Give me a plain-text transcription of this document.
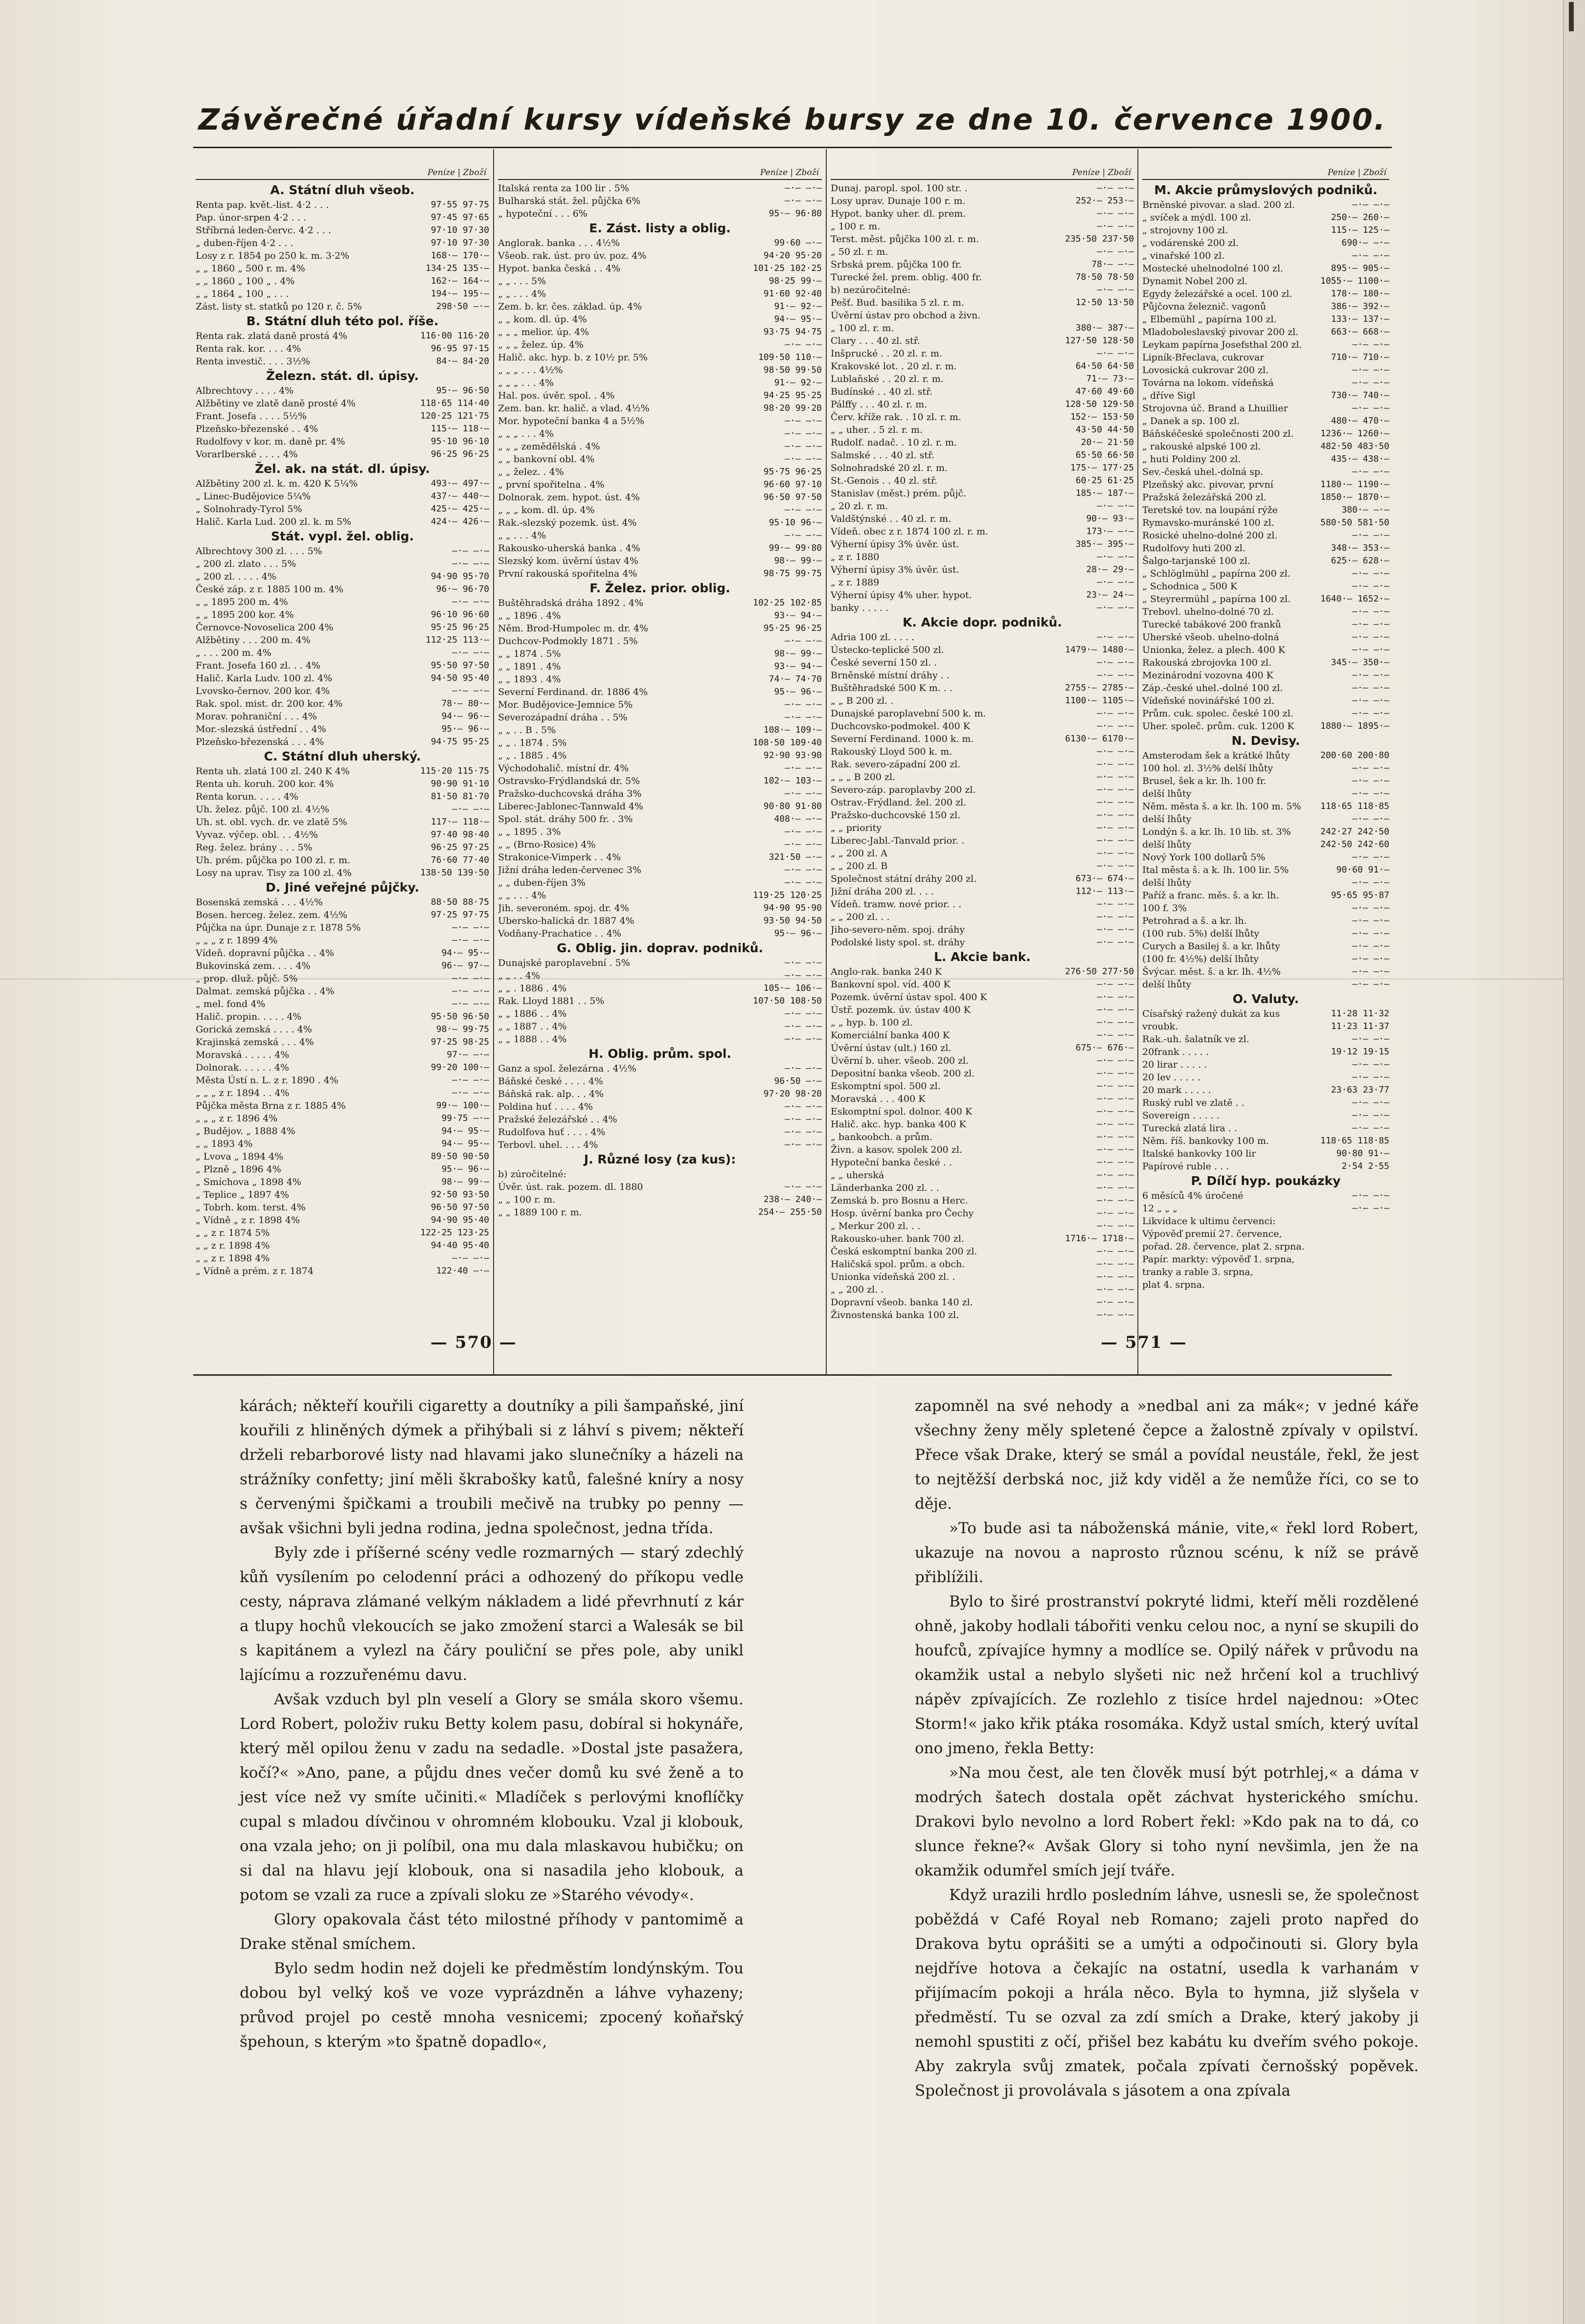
Závěrečné úřadní kursy vídeňské bursy ze dne 10. července 1900.
Peníze | Zboží
A. Státní dluh všeob.
Renta pap. květ.-list. 4·2 . . .	97·55 97·75
Pap. únor-srpen 4·2 . . .	97·45 97·65
Stříbrná leden-červc. 4·2 . . .	97·10 97·30
„ duben-říjen 4·2 . . .	97·10 97·30
Losy z r. 1854 po 250 k. m. 3·2%	168·— 170·—
„ „ 1860 „ 500 r. m. 4%	134·25 135·—
„ „ 1860 „ 100 „ . 4%	162·— 164·—
„ „ 1864 „ 100 „ . . .	194·— 195·—
Zást. listy st. statků po 120 r. č. 5%	298·50 —·—
B. Státní dluh této pol. říše.
Renta rak. zlatá daně prostá 4%	116·00 116·20
Renta rak. kor. . . . 4%	96·95 97·15
Renta investič. . . . 3½%	84·— 84·20
Železn. stát. dl. úpisy.
Albrechtovy . . . . 4%	95·— 96·50
Alžbětiny ve zlatě daně prosté 4%	118·65 114·40
Frant. Josefa . . . . 5½%	120·25 121·75
Plzeňsko-březenské . . 4%	115·— 118·—
Rudolfovy v kor. m. daně pr. 4%	95·10 96·10
Vorarlberské . . . . 4%	96·25 96·25
Žel. ak. na stát. dl. úpisy.
Alžbětiny 200 zl. k. m. 420 K 5¼%	493·— 497·—
„ Linec-Budějovice 5¼%	437·— 440·—
„ Solnohrady-Tyrol 5%	425·— 425·—
Halič. Karla Lud. 200 zl. k. m 5%	424·— 426·—
Stát. vypl. žel. oblig.
Albrechtovy 300 zl. . . . 5%	—·— —·—
„ 200 zl. zlato . . . 5%	—·— —·—
„ 200 zl. . . . . 4%	94·90 95·70
České záp. z r. 1885 100 m. 4%	96·— 96·70
„ „ 1895 200 m. 4%	—·— —·—
„ „ 1895 200 kor. 4%	96·10 96·60
Černovce-Novoselica 200 4%	95·25 96·25
Alžbětiny . . . 200 m. 4%	112·25 113·—
„ . . . 200 m. 4%	—·— —·—
Frant. Josefa 160 zl. . . 4%	95·50 97·50
Halič. Karla Ludv. 100 zl. 4%	94·50 95·40
Lvovsko-černov. 200 kor. 4%	—·— —·—
Rak. spol. mist. dr. 200 kor. 4%	78·— 80·—
Morav. pohraniční . . . 4%	94·— 96·—
Mor.-slezská ústřední . . 4%	95·— 96·—
Plzeňsko-březenská . . . 4%	94·75 95·25
C. Státní dluh uherský.
Renta uh. zlatá 100 zl. 240 K 4%	115·20 115·75
Renta uh. koruh. 200 kor. 4%	90·90 91·10
Renta korun. . . . . 4%	81·50 81·70
Uh. želez. půjč. 100 zl. 4½%	—·— —·—
Uh. st. obl. vych. dr. ve zlatě 5%	117·— 118·—
Vyvaz. výčep. obl. . . 4½%	97·40 98·40
Reg. želez. brány . . . 5%	96·25 97·25
Uh. prém. půjčka po 100 zl. r. m.	76·60 77·40
Losy na uprav. Tisy za 100 zl. 4%	138·50 139·50
D. Jiné veřejné půjčky.
Bosenská zemská . . . 4½%	88·50 88·75
Bosen. herceg. želez. zem. 4½%	97·25 97·75
Půjčka na úpr. Dunaje z r. 1878 5%	—·— —·—
„ „ „ z r. 1899 4%	—·— —·—
Vídeň. dopravní půjčka . . 4%	94·— 95·—
Bukovinská zem. . . . 4%	96·— 97·—
„ prop. dluž. půjč. 5%	—·— —·—
Dalmat. zemská půjčka . . 4%	—·— —·—
„ mel. fond 4%	—·— —·—
Halič. propin. . . . . 4%	95·50 96·50
Gorická zemská . . . . 4%	98·— 99·75
Krajinská zemská . . . 4%	97·25 98·25
Moravská . . . . . 4%	97·— —·—
Dolnorak. . . . . . 4%	99·20 100·—
Města Ústí n. L. z r. 1890 . 4%	—·— —·—
„ „ „ z r. 1894 . . 4%	—·— —·—
Půjčka města Brna z r. 1885 4%	99·— 100·—
„ „ „ z r. 1896 4%	99·75 —·—
„ Budějov. „ 1888 4%	94·— 95·—
„ „ 1893 4%	94·— 95·—
„ Lvova „ 1894 4%	89·50 90·50
„ Plzně „ 1896 4%	95·— 96·—
„ Smíchova „ 1898 4%	98·— 99·—
„ Teplice „ 1897 4%	92·50 93·50
„ Tobrh. kom. terst. 4%	96·50 97·50
„ Vídně „ z r. 1898 4%	94·90 95·40
„ „ z r. 1874 5%	122·25 123·25
„ „ z r. 1898 4%	94·40 95·40
„ „ z r. 1898 4%	—·— —·—
„ Vídně a prém. z r. 1874	122·40 —·—
Peníze | Zboží
Italská renta za 100 lir . 5%	—·— —·—
Bulharská stát. žel. půjčka 6%	—·— —·—
„ hypoteční . . . 6%	95·— 96·80
E. Zást. listy a oblig.
Anglorak. banka . . . 4½%	99·60 —·—
Všeob. rak. úst. pro úv. poz. 4%	94·20 95·20
Hypot. banka česká . . 4%	101·25 102·25
„ „ . . . 5%	98·25 99·—
„ „ . . . 4%	91·60 92·40
Zem. b. kr. čes. základ. úp. 4%	91·— 92·—
„ „ kom. dl. úp. 4%	94·— 95·—
„ „ „ melior. úp. 4%	93·75 94·75
„ „ „ želez. úp. 4%	—·— —·—
Halič. akc. hyp. b. z 10½ pr. 5%	109·50 110·—
„ „ „ . . . 4½%	98·50 99·50
„ „ „ . . . 4%	91·— 92·—
Hal. pos. úvěr. spol. . 4%	94·25 95·25
Zem. ban. kr. halič. a vlad. 4½%	98·20 99·20
Mor. hypoteční banka 4 a 5½%	—·— —·—
„ „ „ . . . 4%	—·— —·—
„ „ „ zemědělská . 4%	—·— —·—
„ „ bankovní obl. 4%	—·— —·—
„ „ želez. . 4%	95·75 96·25
„ první spořitelna . 4%	96·60 97·10
Dolnorak. zem. hypot. úst. 4%	96·50 97·50
„ „ „ kom. dl. úp. 4%	—·— —·—
Rak.-slezský pozemk. úst. 4%	95·10 96·—
„ „ . . . 4%	—·— —·—
Rakousko-uherská banka . 4%	99·— 99·80
Slezský kom. úvěrní ústav 4%	98·— 99·—
První rakouská spořitelna 4%	98·75 99·75
F. Želez. prior. oblig.
Buštěhradská dráha 1892 . 4%	102·25 102·85
„ „ 1896 . 4%	93·— 94·—
Něm. Brod-Humpolec m. dr. 4%	95·25 96·25
Duchcov-Podmokly 1871 . 5%	—·— —·—
„ „ 1874 . 5%	98·— 99·—
„ „ 1891 . 4%	93·— 94·—
„ „ 1893 . 4%	74·— 74·70
Severní Ferdinand. dr. 1886 4%	95·— 96·—
Mor. Budějovice-Jemnice 5%	—·— —·—
Severozápadní dráha . . 5%	—·— —·—
„ „ . . B . 5%	108·— 109·—
„ „ . 1874 . 5%	108·50 109·40
„ „ . 1885 . 4%	92·90 93·90
Východohalič. místní dr. 4%	—·— —·—
Ostravsko-Frýdlandská dr. 5%	102·— 103·—
Pražsko-duchcovská dráha 3%	—·— —·—
Liberec-Jablonec-Tannwald 4%	90·80 91·80
Spol. stát. dráhy 500 fr. . 3%	408·— —·—
„ „ 1895 . 3%	—·— —·—
„ „ (Brno-Rosice) 4%	—·— —·—
Strakonice-Vimperk . . 4%	321·50 —·—
Jižní dráha leden-červenec 3%	—·— —·—
„ „ duben-říjen 3%	—·— —·—
„ „ . . . 4%	119·25 120·25
Jih. severoném. spoj. dr. 4%	94·90 95·90
Ubersko-halická dr. 1887 4%	93·50 94·50
Vodňany-Prachatice . . 4%	95·— 96·—
G. Oblig. jin. doprav. podniků.
Dunajské paroplavební . 5%	—·— —·—
„ „ . . 4%	—·— —·—
„ „ . 1886 . 4%	105·— 106·—
Rak. Lloyd 1881 . . 5%	107·50 108·50
„ „ 1886 . . 4%	—·— —·—
„ „ 1887 . . 4%	—·— —·—
„ „ 1888 . . 4%	—·— —·—
H. Oblig. prům. spol.
Ganz a spol. železárna . 4½%	—·— —·—
Báňské české . . . . 4%	96·50 —·—
Báňská rak. alp. . . 4%	97·20 98·20
Poldina huť . . . . 4%	—·— —·—
Pražské železářské . . 4%	—·— —·—
Rudolfova huť . . . . 4%	—·— —·—
Terbovl. uhel. . . . 4%	—·— —·—
J. Různé losy (za kus):
b) zúročitelné:
Úvěr. úst. rak. pozem. dl. 1880	—·— —·—
„ „ 100 r. m.	238·— 240·—
„ „ 1889 100 r. m.	254·— 255·50
Peníze | Zboží
Dunaj. paropl. spol. 100 str. .	—·— —·—
Losy uprav. Dunaje 100 r. m.	252·— 253·—
Hypot. banky uher. dl. prem.	—·— —·—
„ 100 r. m.	—·— —·—
Terst. měst. půjčka 100 zl. r. m.	235·50 237·50
„ 50 zl. r. m.	—·— —·—
Srbská prem. půjčka 100 fr.	78·— —·—
Turecké žel. prem. oblig. 400 fr.	78·50 78·50
b) nezúročitelné:	—·— —·—
Pešť. Bud. basilika 5 zl. r. m.	12·50 13·50
Úvěrní ústav pro obchod a živn.
„ 100 zl. r. m.	380·— 387·—
Clary . . . 40 zl. stř.	127·50 128·50
Inšprucké . . 20 zl. r. m.	—·— —·—
Krakovské lot. . 20 zl. r. m.	64·50 64·50
Lublaňské . . 20 zl. r. m.	71·— 73·—
Budínské . . 40 zl. stř.	47·60 49·60
Pálffy . . . 40 zl. r. m.	128·50 129·50
Červ. kříže rak. . 10 zl. r. m.	152·— 153·50
„ „ uher. . 5 zl. r. m.	43·50 44·50
Rudolf. nadač. . 10 zl. r. m.	20·— 21·50
Salmské . . . 40 zl. stř.	65·50 66·50
Solnohradské 20 zl. r. m.	175·— 177·25
St.-Genois . . 40 zl. stř.	60·25 61·25
Stanislav (měst.) prém. půjč.	185·— 187·—
„ 20 zl. r. m.	—·— —·—
Valdštýnské . . 40 zl. r. m.	90·— 93·—
Vídeň. obec z r. 1874 100 zl. r. m.	173·— —·—
Výherní úpisy 3% úvěr. úst.	385·— 395·—
„ z r. 1880	—·— —·—
Výherní úpisy 3% úvěr. úst.	28·— 29·—
„ z r. 1889	—·— —·—
Výherní úpisy 4% uher. hypot.	23·— 24·—
banky . . . . .	—·— —·—
K. Akcie dopr. podniků.
Adria 100 zl. . . . .	—·— —·—
Ústecko-teplické 500 zl.	1479·— 1480·—
České severní 150 zl. .	—·— —·—
Brněnské místní dráhy . .	—·— —·—
Buštěhradské 500 K m. . .	2755·— 2785·—
„ „ B 200 zl. .	1100·— 1105·—
Dunajské paroplavební 500 k. m.	—·— —·—
Duchcovsko-podmokel. 400 K	—·— —·—
Severní Ferdinand. 1000 k. m.	6130·— 6170·—
Rakouský Lloyd 500 k. m.	—·— —·—
Rak. severo-západní 200 zl.	—·— —·—
„ „ „ B 200 zl.	—·— —·—
Severo-záp. paroplavby 200 zl.	—·— —·—
Ostrav.-Frýdland. žel. 200 zl.	—·— —·—
Pražsko-duchcovské 150 zl.	—·— —·—
„ „ priority	—·— —·—
Liberec-Jabl.-Tanvald prior. .	—·— —·—
„ „ 200 zl. A	—·— —·—
„ „ 200 zl. B	—·— —·—
Společnost státní dráhy 200 zl.	673·— 674·—
Jižní dráha 200 zl. . . .	112·— 113·—
Vídeň. tramw. nové prior. . .	—·— —·—
„ „ 200 zl. . .	—·— —·—
Jiho-severo-něm. spoj. dráhy	—·— —·—
Podolské listy spol. st. dráhy	—·— —·—
L. Akcie bank.
Anglo-rak. banka 240 K	276·50 277·50
Bankovní spol. víd. 400 K	—·— —·—
Pozemk. úvěrní ústav spol. 400 K	—·— —·—
Ústř. pozemk. úv. ústav 400 K	—·— —·—
„ „ hyp. b. 100 zl.	—·— —·—
Komerciální banka 400 K	—·— —·—
Úvěrní ústav (ult.) 160 zl.	675·— 676·—
Úvěrní b. uher. všeob. 200 zl.	—·— —·—
Depositní banka všeob. 200 zl.	—·— —·—
Eskomptní spol. 500 zl.	—·— —·—
Moravská . . . 400 K	—·— —·—
Eskomptní spol. dolnor. 400 K	—·— —·—
Halič. akc. hyp. banka 400 K	—·— —·—
„ bankoobch. a prům.	—·— —·—
Živn. a kasov. spolek 200 zl.	—·— —·—
Hypoteční banka české . .	—·— —·—
„ „ uherská	—·— —·—
Länderbanka 200 zl. . .	—·— —·—
Zemská b. pro Bosnu a Herc.	—·— —·—
Hosp. úvěrní banka pro Čechy	—·— —·—
„ Merkur 200 zl. . .	—·— —·—
Rakousko-uher. bank 700 zl.	1716·— 1718·—
Česká eskomptní banka 200 zl.	—·— —·—
Haličská spol. prům. a obch.	—·— —·—
Unionka vídeňská 200 zl. .	—·— —·—
„ „ 200 zl. .	—·— —·—
Dopravní všeob. banka 140 zl.	—·— —·—
Živnostenská banka 100 zl.	—·— —·—
Peníze | Zboží
M. Akcie průmyslových podniků.
Brněnské pivovar. a slad. 200 zl.	—·— —·—
„ svíček a mýdl. 100 zl.	250·— 260·—
„ strojovny 100 zl.	115·— 125·—
„ vodárenské 200 zl.	690·— —·—
„ vinařské 100 zl.	—·— —·—
Mostecké uhelnodolné 100 zl.	895·— 905·—
Dynamit Nobel 200 zl.	1055·— 1100·—
Egydy železářské a ocel. 100 zl.	178·— 180·—
Půjčovna železnič. vagonů	386·— 392·—
„ Elbemühl „ papírna 100 zl.	133·— 137·—
Mladoboleslavský pivovar 200 zl.	663·— 668·—
Leykam papírna Josefsthal 200 zl.	—·— —·—
Lipník-Břeclava, cukrovar	710·— 710·—
Lovosická cukrovar 200 zl.	—·— —·—
Továrna na lokom. vídeňská	—·— —·—
„ dříve Sigl	730·— 740·—
Strojovna úč. Brand a Lhuillier	—·— —·—
„ Danek a sp. 100 zl.	480·— 470·—
Báňskéčeské společnosti 200 zl.	1236·— 1260·—
„ rakouské alpské 100 zl.	482·50 483·50
„ huti Poldiny 200 zl.	435·— 438·—
Sev.-česká uhel.-dolná sp.	—·— —·—
Plzeňský akc. pivovar, první	1180·— 1190·—
Pražská železářská 200 zl.	1850·— 1870·—
Teretské tov. na loupání rýže	380·— —·—
Rymavsko-muránské 100 zl.	580·50 581·50
Rosické uhelno-dolné 200 zl.	—·— —·—
Rudolfovy huti 200 zl.	348·— 353·—
Šalgo-tarjanské 100 zl.	625·— 628·—
„ Schlöglmühl „ papírna 200 zl.	—·— —·—
„ Schodnica „ 500 K	—·— —·—
„ Steyrermühl „ papírna 100 zl.	1640·— 1652·—
Trebovl. uhelno-dolné 70 zl.	—·— —·—
Turecké tabákové 200 franků	—·— —·—
Uherské všeob. uhelno-dolná	—·— —·—
Unionka, želez. a plech. 400 K	—·— —·—
Rakouská zbrojovka 100 zl.	345·— 350·—
Mezinárodní vozovna 400 K	—·— —·—
Záp.-české uhel.-dolné 100 zl.	—·— —·—
Vídeňské novinářské 100 zl.	—·— —·—
Prům. cuk. spolec. české 100 zl.	—·— —·—
Uher. společ. prům. cuk. 1200 K	1880·— 1895·—
N. Devisy.
Amsterodam šek a krátké lhůty	200·60 200·80
100 hol. zl. 3½% delší lhůty	—·— —·—
Brusel, šek a kr. lh. 100 fr.	—·— —·—
delší lhůty	—·— —·—
Něm. města š. a kr. lh. 100 m. 5%	118·65 118·85
delší lhůty	—·— —·—
Londýn š. a kr. lh. 10 lib. st. 3%	242·27 242·50
delší lhůty	242·50 242·60
Nový York 100 dollarů 5%	—·— —·—
Ital města š. a k. lh. 100 lir. 5%	90·60 91·—
delší lhůty	—·— —·—
Paříž a franc. měs. š. a kr. lh.	95·65 95·87
100 f. 3%	—·— —·—
Petrohrad a š. a kr. lh.	—·— —·—
(100 rub. 5%) delší lhůty	—·— —·—
Curych a Basilej š. a kr. lhůty	—·— —·—
(100 fr. 4½%) delší lhůty	—·— —·—
Švýcar. měst. š. a kr. lh. 4½%	—·— —·—
delší lhůty	—·— —·—
O. Valuty.
Císařský ražený dukát za kus	11·28 11·32
vroubk.	11·23 11·37
Rak.-uh. šalatník ve zl.	—·— —·—
20frank . . . . .	19·12 19·15
20 lirar . . . . .	—·— —·—
20 lev . . . . .	—·— —·—
20 mark . . . . .	23·63 23·77
Ruský rubl ve zlatě . .	—·— —·—
Sovereign . . . . .	—·— —·—
Turecká zlatá lira . .	—·— —·—
Něm. říš. bankovky 100 m.	118·65 118·85
Italské bankovky 100 lir	90·80 91·—
Papírové ruble . . .	2·54 2·55
P. Dílčí hyp. poukázky
6 měsíců 4% úročené	—·— —·—
12 „ „ „	—·— —·—
Likvidace k ultimu červenci:
Výpověď premií 27. července,
pořad. 28. července, plat 2. srpna.
Papír. markty: výpověď 1. srpna,
tranky a rable 3. srpna,
plat 4. srpna.
— 570 —	— 571 —

kárách; někteří kouřili cigaretty a doutníky a pili šampaňské, jiní kouřili z hliněných dýmek a přihýbali si z láhví s pivem; někteří drželi rebarborové listy nad hlavami jako slunečníky a házeli na strážníky confetty; jiní měli škrabošky katů, falešné kníry a nosy s červenými špičkami a troubili mečivě na trubky po penny — avšak všichni byli jedna rodina, jedna společnost, jedna třída.

Byly zde i příšerné scény vedle rozmarných — starý zdechlý kůň vysílením po celodenní práci a odhozený do příkopu vedle cesty, náprava zlámané velkým nákladem a lidé převrhnutí z kár a tlupy hochů vlekoucích se jako zmožení starci a Walesák se bil s kapitánem a vylezl na čáry pouliční se přes pole, aby unikl lajícímu a rozzuřenému davu.

Avšak vzduch byl pln veselí a Glory se smála skoro všemu. Lord Robert, položiv ruku Betty kolem pasu, dobíral si hokynáře, který měl opilou ženu v zadu na sedadle. »Dostal jste pasažera, kočí?« »Ano, pane, a půjdu dnes večer domů ku své ženě a to jest více než vy smíte učiniti.« Mladíček s perlovými knoflíčky cupal s mladou dívčinou v ohromném klobouku. Vzal ji klobouk, ona vzala jeho; on ji políbil, ona mu dala mlaskavou hubičku; on si dal na hlavu její klobouk, ona si nasadila jeho klobouk, a potom se vzali za ruce a zpívali sloku ze »Starého vévody«.

Glory opakovala část této milostné příhody v pantomimě a Drake stěnal smíchem.

Bylo sedm hodin než dojeli ke předměstím londýnským. Tou dobou byl velký koš ve voze vyprázdněn a láhve vyhazeny; průvod projel po cestě mnoha vesnicemi; zpocený koňařský špehoun, s kterým »to špatně dopadlo«,

zapomněl na své nehody a »nedbal ani za mák«; v jedné káře všechny ženy měly spletené čepce a žalostně zpívaly v opilství. Přece však Drake, který se smál a povídal neustále, řekl, že jest to nejtěžší derbská noc, již kdy viděl a že nemůže říci, co se to děje.

»To bude asi ta náboženská mánie, vite,« řekl lord Robert, ukazuje na novou a naprosto různou scénu, k níž se právě přiblížili.

Bylo to širé prostranství pokryté lidmi, kteří měli rozdělené ohně, jakoby hodlali tábořiti venku celou noc, a nyní se skupili do houfců, zpívajíce hymny a modlíce se. Opilý nářek v průvodu na okamžik ustal a nebylo slyšeti nic než hrčení kol a truchlivý nápěv zpívajících. Ze rozlehlo z tisíce hrdel najednou: »Otec Storm!« jako křik ptáka rosomáka. Když ustal smích, který uvítal ono jmeno, řekla Betty:

»Na mou čest, ale ten člověk musí být potrhlej,« a dáma v modrých šatech dostala opět záchvat hysterického smíchu. Drakovi bylo nevolno a lord Robert řekl: »Kdo pak na to dá, co slunce řekne?« Avšak Glory si toho nyní nevšimla, jen že na okamžik odumřel smích její tváře.

Když urazili hrdlo posledním láhve, usnesli se, že společnost poběždá v Café Royal neb Romano; zajeli proto napřed do Drakova bytu oprášiti se a umýti a odpočinouti si. Glory byla nejdříve hotova a čekajíc na ostatní, usedla k varhanám v přijímacím pokoji a hrála něco. Byla to hymna, již slyšela v předměstí. Tu se ozval za zdí smích a Drake, který jakoby ji nemohl spustiti z očí, přišel bez kabátu ku dveřím svého pokoje. Aby zakryla svůj zmatek, počala zpívati černošský popěvek. Společnost ji provolávala s jásotem a ona zpívala
